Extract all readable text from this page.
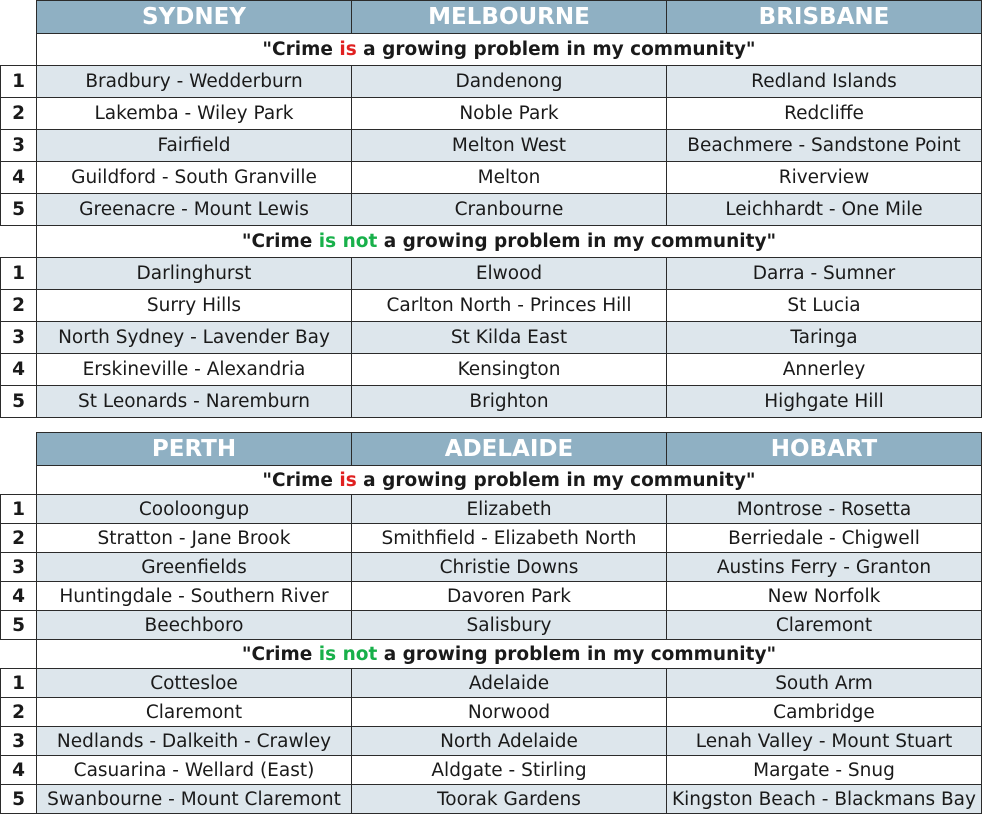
	SYDNEY	MELBOURNE	BRISBANE
	"Crime is a growing problem in my community"		
1	Bradbury - Wedderburn	Dandenong	Redland Islands
2	Lakemba - Wiley Park	Noble Park	Redcliffe
3	Fairfield	Melton West	Beachmere - Sandstone Point
4	Guildford - South Granville	Melton	Riverview
5	Greenacre - Mount Lewis	Cranbourne	Leichhardt - One Mile
	"Crime is not a growing problem in my community"		
1	Darlinghurst	Elwood	Darra - Sumner
2	Surry Hills	Carlton North - Princes Hill	St Lucia
3	North Sydney - Lavender Bay	St Kilda East	Taringa
4	Erskineville - Alexandria	Kensington	Annerley
5	St Leonards - Naremburn	Brighton	Highgate Hill
	PERTH	ADELAIDE	HOBART
	"Crime is a growing problem in my community"		
1	Cooloongup	Elizabeth	Montrose - Rosetta
2	Stratton - Jane Brook	Smithfield - Elizabeth North	Berriedale - Chigwell
3	Greenfields	Christie Downs	Austins Ferry - Granton
4	Huntingdale - Southern River	Davoren Park	New Norfolk
5	Beechboro	Salisbury	Claremont
	"Crime is not a growing problem in my community"		
1	Cottesloe	Adelaide	South Arm
2	Claremont	Norwood	Cambridge
3	Nedlands - Dalkeith - Crawley	North Adelaide	Lenah Valley - Mount Stuart
4	Casuarina - Wellard (East)	Aldgate - Stirling	Margate - Snug
5	Swanbourne - Mount Claremont	Toorak Gardens	Kingston Beach - Blackmans Bay
